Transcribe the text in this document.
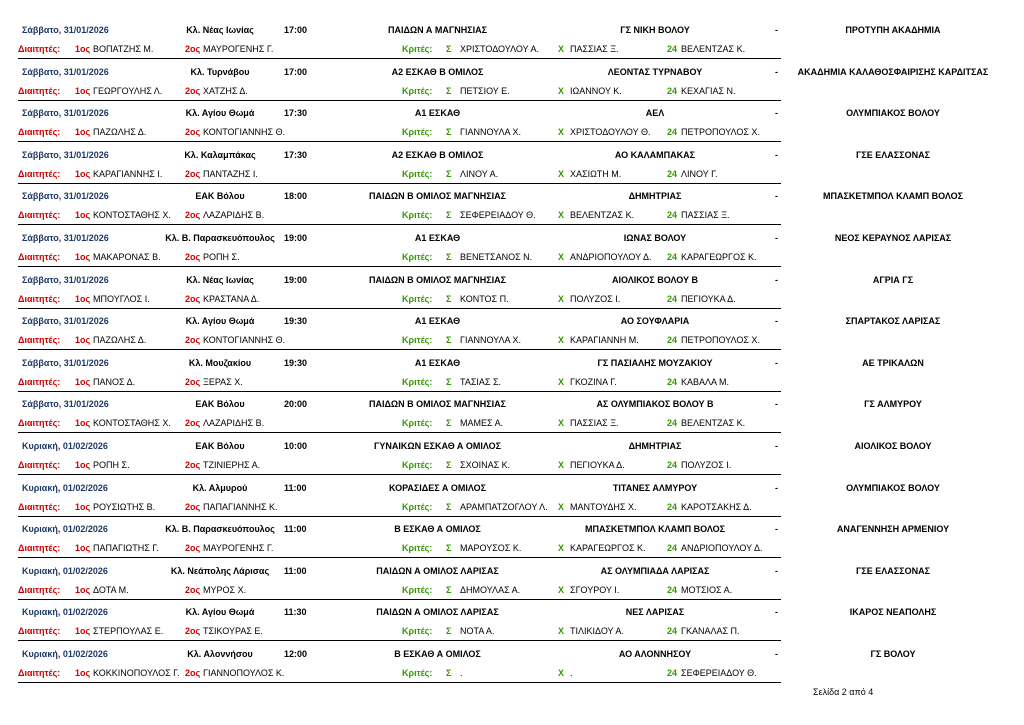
Σάββατο, 31/01/2026	Κλ. Νέας Ιωνίας	17:00	ΠΑΙΔΩΝ Α ΜΑΓΝΗΣΙΑΣ	ΓΣ ΝΙΚΗ ΒΟΛΟΥ	-	ΠΡΟΤΥΠΗ ΑΚΑΔΗΜΙΑ
Διαιτητές: 1ος ΒΟΠΑΤΖΗΣ Μ.	2ος ΜΑΥΡΟΓΕΝΗΣ Γ.	Κριτές: Σ ΧΡΙΣΤΟΔΟΥΛΟΥ Α. Χ ΠΑΣΣΙΑΣ Ξ.	24 ΒΕΛΕΝΤΖΑΣ Κ.
Σάββατο, 31/01/2026	Κλ. Τυρνάβου	17:00	Α2 ΕΣΚΑΘ Β ΟΜΙΛΟΣ	ΛΕΟΝΤΑΣ ΤΥΡΝΑΒΟΥ	-	ΑΚΑΔΗΜΙΑ ΚΑΛΑΘΟΣΦΑΙΡΙΣΗΣ ΚΑΡΔΙΤΣΑΣ
Διαιτητές: 1ος ΓΕΩΡΓΟΥΛΗΣ Λ.	2ος ΧΑΤΖΗΣ Δ.	Κριτές: Σ ΠΕΤΣΙΟΥ Ε.	Χ ΙΩΑΝΝΟΥ Κ.	24 ΚΕΧΑΓΙΑΣ Ν.
Σάββατο, 31/01/2026	Κλ. Αγίου Θωμά	17:30	Α1 ΕΣΚΑΘ	ΑΕΛ	-	ΟΛΥΜΠΙΑΚΟΣ ΒΟΛΟΥ
Διαιτητές: 1ος ΠΑΖΩΛΗΣ Δ.	2ος ΚΟΝΤΟΓΙΑΝΝΗΣ Θ.	Κριτές: Σ ΓΙΑΝΝΟΥΛΑ Χ.	Χ ΧΡΙΣΤΟΔΟΥΛΟΥ Θ. 24 ΠΕΤΡΟΠΟΥΛΟΣ Χ.
Σάββατο, 31/01/2026	Κλ. Καλαμπάκας	17:30	Α2 ΕΣΚΑΘ Β ΟΜΙΛΟΣ	ΑΟ ΚΑΛΑΜΠΑΚΑΣ	-	ΓΣΕ ΕΛΑΣΣΟΝΑΣ
Διαιτητές: 1ος ΚΑΡΑΓΙΑΝΝΗΣ Ι.	2ος ΠΑΝΤΑΖΗΣ Ι.	Κριτές: Σ ΛΙΝΟΥ Α.	Χ ΧΑΣΙΩΤΗ Μ.	24 ΛΙΝΟΥ Γ.
Σάββατο, 31/01/2026	ΕΑΚ Βόλου	18:00	ΠΑΙΔΩΝ Β ΟΜΙΛΟΣ ΜΑΓΝΗΣΙΑΣ	ΔΗΜΗΤΡΙΑΣ	-	ΜΠΑΣΚΕΤΜΠΟΛ ΚΛΑΜΠ ΒΟΛΟΣ
Διαιτητές: 1ος ΚΟΝΤΟΣΤΑΘΗΣ Χ. 2ος ΛΑΖΑΡΙΔΗΣ Β.	Κριτές: Σ ΣΕΦΕΡΕΙΑΔΟΥ Θ. Χ ΒΕΛΕΝΤΖΑΣ Κ.	24 ΠΑΣΣΙΑΣ Ξ.
Σάββατο, 31/01/2026	Κλ. Β. Παρασκευόπουλος 19:00	Α1 ΕΣΚΑΘ	ΙΩΝΑΣ ΒΟΛΟΥ	-	ΝΕΟΣ ΚΕΡΑΥΝΟΣ ΛΑΡΙΣΑΣ
Διαιτητές: 1ος ΜΑΚΑΡΟΝΑΣ Β.	2ος ΡΟΠΗ Σ.	Κριτές: Σ ΒΕΝΕΤΣΑΝΟΣ Ν.	Χ ΑΝΔΡΙΟΠΟΥΛΟΥ Δ. 24 ΚΑΡΑΓΕΩΡΓΟΣ Κ.
Σάββατο, 31/01/2026	Κλ. Νέας Ιωνίας	19:00	ΠΑΙΔΩΝ Β ΟΜΙΛΟΣ ΜΑΓΝΗΣΙΑΣ	ΑΙΟΛΙΚΟΣ ΒΟΛΟΥ Β	-	ΑΓΡΙΑ ΓΣ
Διαιτητές: 1ος ΜΠΟΥΓΛΟΣ Ι.	2ος ΚΡΑΣΤΑΝΑ Δ.	Κριτές: Σ ΚΟΝΤΟΣ Π.	Χ ΠΟΛΥΖΟΣ Ι.	24 ΠΕΓΙΟΥΚΑ Δ.
Σάββατο, 31/01/2026	Κλ. Αγίου Θωμά	19:30	Α1 ΕΣΚΑΘ	ΑΟ ΣΟΥΦΛΑΡΙΑ	-	ΣΠΑΡΤΑΚΟΣ ΛΑΡΙΣΑΣ
Διαιτητές: 1ος ΠΑΖΩΛΗΣ Δ.	2ος ΚΟΝΤΟΓΙΑΝΝΗΣ Θ.	Κριτές: Σ ΓΙΑΝΝΟΥΛΑ Χ.	Χ ΚΑΡΑΓΙΑΝΝΗ Μ.	24 ΠΕΤΡΟΠΟΥΛΟΣ Χ.
Σάββατο, 31/01/2026	Κλ. Μουζακίου	19:30	Α1 ΕΣΚΑΘ	ΓΣ ΠΑΣΙΑΛΗΣ ΜΟΥΖΑΚΙΟΥ	-	ΑΕ ΤΡΙΚΑΛΩΝ
Διαιτητές: 1ος ΠΑΝΟΣ Δ.	2ος ΞΕΡΑΣ Χ.	Κριτές: Σ ΤΑΣΙΑΣ Σ.	Χ ΓΚΟΖΙΝΑ Γ.	24 ΚΑΒΑΛΑ Μ.
Σάββατο, 31/01/2026	ΕΑΚ Βόλου	20:00	ΠΑΙΔΩΝ Β ΟΜΙΛΟΣ ΜΑΓΝΗΣΙΑΣ	ΑΣ ΟΛΥΜΠΙΑΚΟΣ ΒΟΛΟΥ Β	-	ΓΣ ΑΛΜΥΡΟΥ
Διαιτητές: 1ος ΚΟΝΤΟΣΤΑΘΗΣ Χ. 2ος ΛΑΖΑΡΙΔΗΣ Β.	Κριτές: Σ ΜΑΜΕΣ Α.	Χ ΠΑΣΣΙΑΣ Ξ.	24 ΒΕΛΕΝΤΖΑΣ Κ.
Κυριακή, 01/02/2026	ΕΑΚ Βόλου	10:00	ΓΥΝΑΙΚΩΝ ΕΣΚΑΘ Α ΟΜΙΛΟΣ	ΔΗΜΗΤΡΙΑΣ	-	ΑΙΟΛΙΚΟΣ ΒΟΛΟΥ
Διαιτητές: 1ος ΡΟΠΗ Σ.	2ος ΤΖΙΝΙΕΡΗΣ Α.	Κριτές: Σ ΣΧΟΙΝΑΣ Κ.	Χ ΠΕΓΙΟΥΚΑ Δ.	24 ΠΟΛΥΖΟΣ Ι.
Κυριακή, 01/02/2026	Κλ. Αλμυρού	11:00	ΚΟΡΑΣΙΔΕΣ Α ΟΜΙΛΟΣ	ΤΙΤΑΝΕΣ ΑΛΜΥΡΟΥ	-	ΟΛΥΜΠΙΑΚΟΣ ΒΟΛΟΥ
Διαιτητές: 1ος ΡΟΥΣΙΩΤΗΣ Β.	2ος ΠΑΠΑΓΙΑΝΝΗΣ Κ.	Κριτές: Σ ΑΡΑΜΠΑΤΖΟΓΛΟΥ Λ. Χ ΜΑΝΤΟΥΔΗΣ Χ.	24 ΚΑΡΟΤΣΑΚΗΣ Δ.
Κυριακή, 01/02/2026	Κλ. Β. Παρασκευόπουλος 11:00	Β ΕΣΚΑΘ Α ΟΜΙΛΟΣ	ΜΠΑΣΚΕΤΜΠΟΛ ΚΛΑΜΠ ΒΟΛΟΣ	-	ΑΝΑΓΕΝΝΗΣΗ ΑΡΜΕΝΙΟΥ
Διαιτητές: 1ος ΠΑΠΑΓΙΩΤΗΣ Γ.	2ος ΜΑΥΡΟΓΕΝΗΣ Γ.	Κριτές: Σ ΜΑΡΟΥΣΟΣ Κ.	Χ ΚΑΡΑΓΕΩΡΓΟΣ Κ. 24 ΑΝΔΡΙΟΠΟΥΛΟΥ Δ.
Κυριακή, 01/02/2026	Κλ. Νεάπολης Λάρισας	11:00	ΠΑΙΔΩΝ Α ΟΜΙΛΟΣ ΛΑΡΙΣΑΣ	ΑΣ ΟΛΥΜΠΙΑΔΑ ΛΑΡΙΣΑΣ	-	ΓΣΕ ΕΛΑΣΣΟΝΑΣ
Διαιτητές: 1ος ΔΟΤΑ Μ.	2ος ΜΥΡΟΣ Χ.	Κριτές: Σ ΔΗΜΟΥΛΑΣ Α.	Χ ΣΓΟΥΡΟΥ Ι.	24 ΜΟΤΣΙΟΣ Α.
Κυριακή, 01/02/2026	Κλ. Αγίου Θωμά	11:30	ΠΑΙΔΩΝ Α ΟΜΙΛΟΣ ΛΑΡΙΣΑΣ	ΝΕΣ ΛΑΡΙΣΑΣ	-	ΙΚΑΡΟΣ ΝΕΑΠΟΛΗΣ
Διαιτητές: 1ος ΣΤΕΡΠΟΥΛΑΣ Ε. 2ος ΤΣΙΚΟΥΡΑΣ Ε.	Κριτές: Σ ΝΟΤΑ Α.	Χ ΤΙΛΙΚΙΔΟΥ Α.	24 ΓΚΑΝΑΛΑΣ Π.
Κυριακή, 01/02/2026	Κλ. Αλοννήσου	12:00	Β ΕΣΚΑΘ Α ΟΜΙΛΟΣ	ΑΟ ΑΛΟΝΝΗΣΟΥ	-	ΓΣ ΒΟΛΟΥ
Διαιτητές: 1ος ΚΟΚΚΙΝΟΠΟΥΛΟΣ Γ. 2ος ΓΙΑΝΝΟΠΟΥΛΟΣ Κ.	Κριτές: Σ .	Χ .	24 ΣΕΦΕΡΕΙΑΔΟΥ Θ.
Σελίδα 2 από 4
